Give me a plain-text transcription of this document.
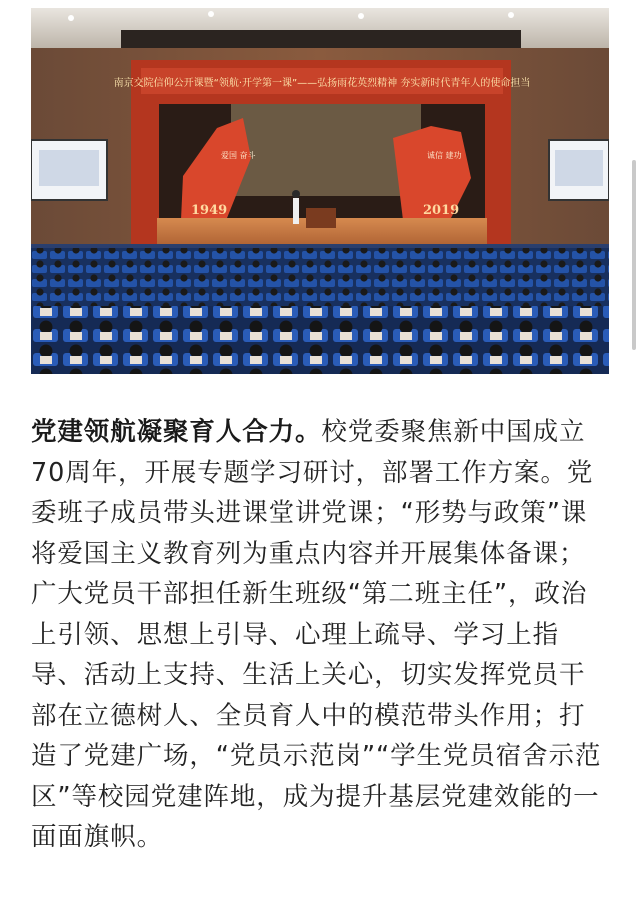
南京交院信仰公开课暨“领航·开学第一课”——弘扬雨花英烈精神 夯实新时代青年人的使命担当
1949
爱国 奋斗
2019
诚信 建功

党建领航凝聚育人合力。校党委聚焦新中国成立70周年，开展专题学习研讨，部署工作方案。党委班子成员带头进课堂讲党课；“形势与政策”课将爱国主义教育列为重点内容并开展集体备课；广大党员干部担任新生班级“第二班主任”，政治上引领、思想上引导、心理上疏导、学习上指导、活动上支持、生活上关心，切实发挥党员干部在立德树人、全员育人中的模范带头作用；打造了党建广场，“党员示范岗”“学生党员宿舍示范区”等校园党建阵地，成为提升基层党建效能的一面面旗帜。
